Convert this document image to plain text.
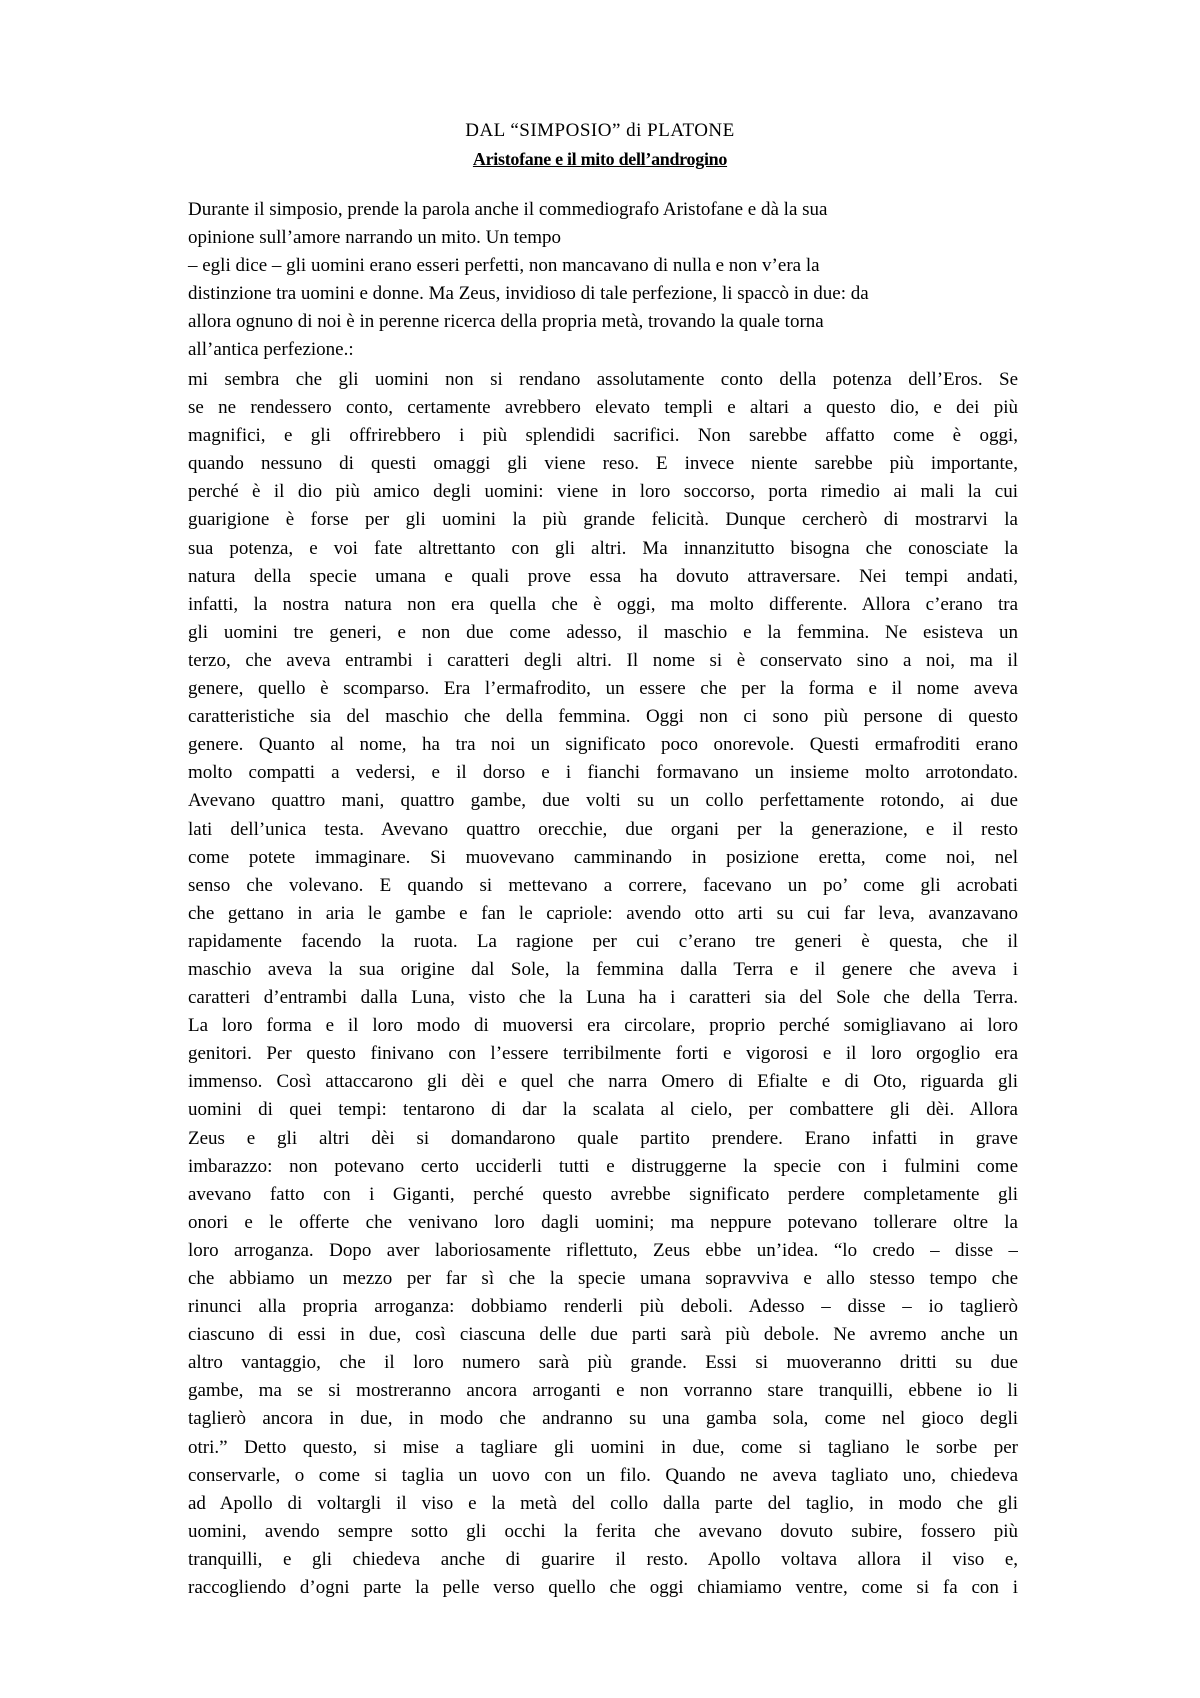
DAL “SIMPOSIO” di PLATONE
Aristofane e il mito dell’androgino
Durante il simposio, prende la parola anche il commediografo Aristofane e dà la sua
opinione sull’amore narrando un mito. Un tempo
– egli dice – gli uomini erano esseri perfetti, non mancavano di nulla e non v’era la
distinzione tra uomini e donne. Ma Zeus, invidioso di tale perfezione, li spaccò in due: da
allora ognuno di noi è in perenne ricerca della propria metà, trovando la quale torna
all’antica perfezione.:
mi sembra che gli uomini non si rendano assolutamente conto della potenza dell’Eros. Se
se ne rendessero conto, certamente avrebbero elevato templi e altari a questo dio, e dei più
magnifici, e gli offrirebbero i più splendidi sacrifici. Non sarebbe affatto come è oggi,
quando nessuno di questi omaggi gli viene reso. E invece niente sarebbe più importante,
perché è il dio più amico degli uomini: viene in loro soccorso, porta rimedio ai mali la cui
guarigione è forse per gli uomini la più grande felicità. Dunque cercherò di mostrarvi la
sua potenza, e voi fate altrettanto con gli altri. Ma innanzitutto bisogna che conosciate la
natura della specie umana e quali prove essa ha dovuto attraversare. Nei tempi andati,
infatti, la nostra natura non era quella che è oggi, ma molto differente. Allora c’erano tra
gli uomini tre generi, e non due come adesso, il maschio e la femmina. Ne esisteva un
terzo, che aveva entrambi i caratteri degli altri. Il nome si è conservato sino a noi, ma il
genere, quello è scomparso. Era l’ermafrodito, un essere che per la forma e il nome aveva
caratteristiche sia del maschio che della femmina. Oggi non ci sono più persone di questo
genere. Quanto al nome, ha tra noi un significato poco onorevole. Questi ermafroditi erano
molto compatti a vedersi, e il dorso e i fianchi formavano un insieme molto arrotondato.
Avevano quattro mani, quattro gambe, due volti su un collo perfettamente rotondo, ai due
lati dell’unica testa. Avevano quattro orecchie, due organi per la generazione, e il resto
come potete immaginare. Si muovevano camminando in posizione eretta, come noi, nel
senso che volevano. E quando si mettevano a correre, facevano un po’ come gli acrobati
che gettano in aria le gambe e fan le capriole: avendo otto arti su cui far leva, avanzavano
rapidamente facendo la ruota. La ragione per cui c’erano tre generi è questa, che il
maschio aveva la sua origine dal Sole, la femmina dalla Terra e il genere che aveva i
caratteri d’entrambi dalla Luna, visto che la Luna ha i caratteri sia del Sole che della Terra.
La loro forma e il loro modo di muoversi era circolare, proprio perché somigliavano ai loro
genitori. Per questo finivano con l’essere terribilmente forti e vigorosi e il loro orgoglio era
immenso. Così attaccarono gli dèi e quel che narra Omero di Efialte e di Oto, riguarda gli
uomini di quei tempi: tentarono di dar la scalata al cielo, per combattere gli dèi. Allora
Zeus e gli altri dèi si domandarono quale partito prendere. Erano infatti in grave
imbarazzo: non potevano certo ucciderli tutti e distruggerne la specie con i fulmini come
avevano fatto con i Giganti, perché questo avrebbe significato perdere completamente gli
onori e le offerte che venivano loro dagli uomini; ma neppure potevano tollerare oltre la
loro arroganza. Dopo aver laboriosamente riflettuto, Zeus ebbe un’idea. “lo credo – disse –
che abbiamo un mezzo per far sì che la specie umana sopravviva e allo stesso tempo che
rinunci alla propria arroganza: dobbiamo renderli più deboli. Adesso – disse – io taglierò
ciascuno di essi in due, così ciascuna delle due parti sarà più debole. Ne avremo anche un
altro vantaggio, che il loro numero sarà più grande. Essi si muoveranno dritti su due
gambe, ma se si mostreranno ancora arroganti e non vorranno stare tranquilli, ebbene io li
taglierò ancora in due, in modo che andranno su una gamba sola, come nel gioco degli
otri.” Detto questo, si mise a tagliare gli uomini in due, come si tagliano le sorbe per
conservarle, o come si taglia un uovo con un filo. Quando ne aveva tagliato uno, chiedeva
ad Apollo di voltargli il viso e la metà del collo dalla parte del taglio, in modo che gli
uomini, avendo sempre sotto gli occhi la ferita che avevano dovuto subire, fossero più
tranquilli, e gli chiedeva anche di guarire il resto. Apollo voltava allora il viso e,
raccogliendo d’ogni parte la pelle verso quello che oggi chiamiamo ventre, come si fa con i
